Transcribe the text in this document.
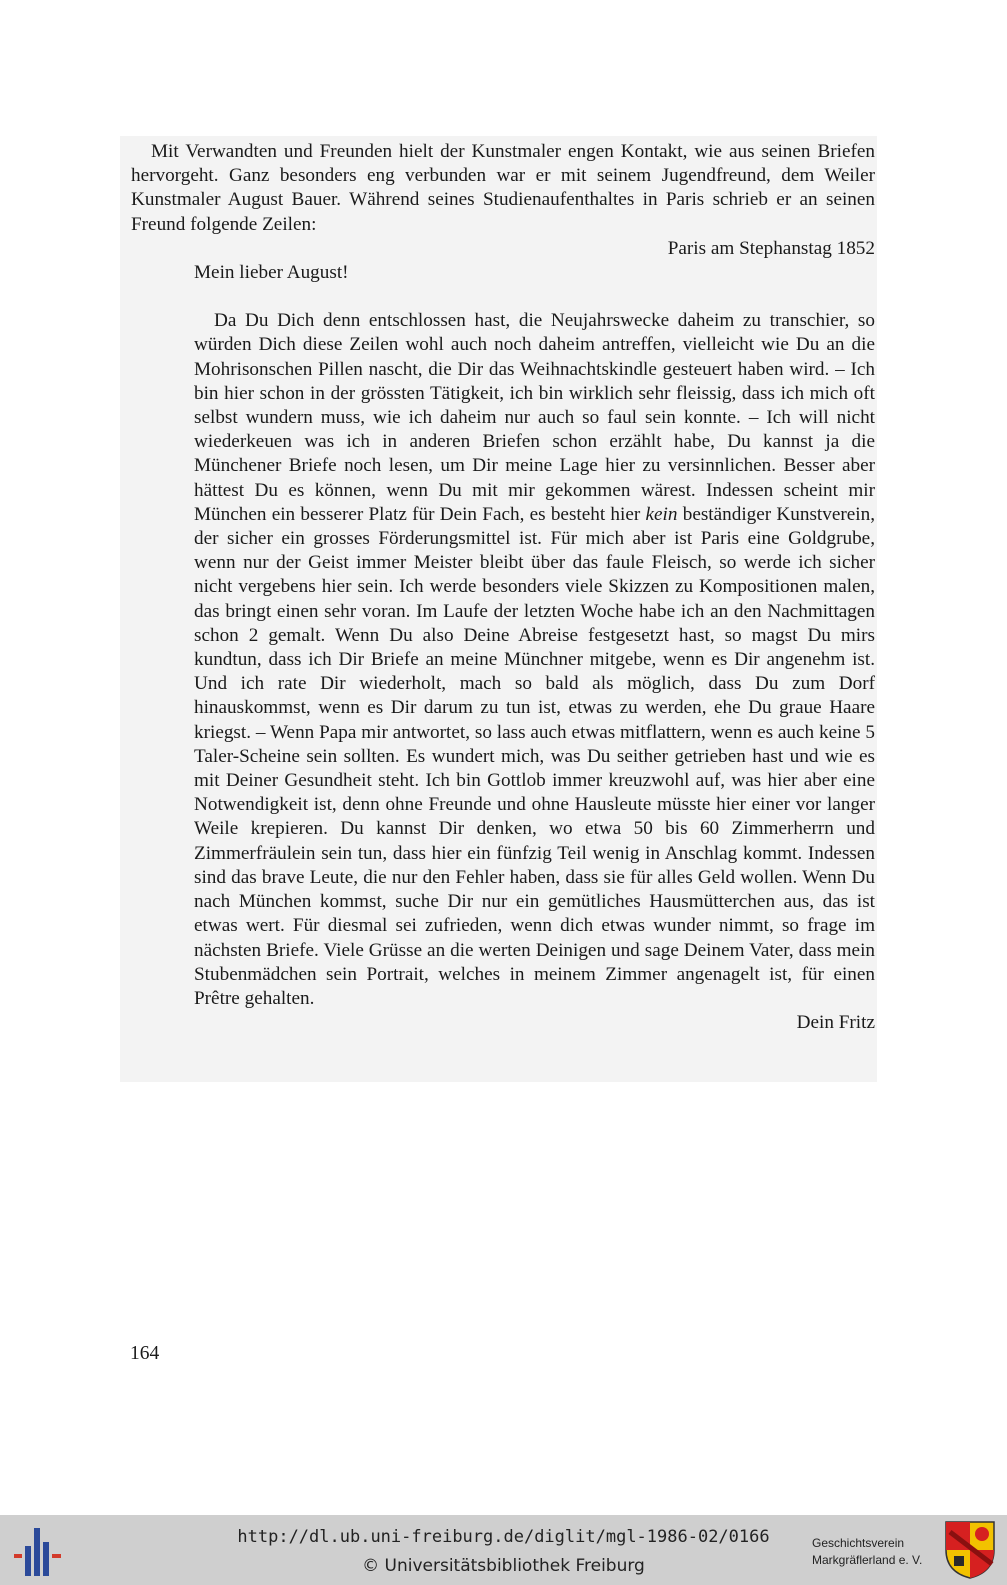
Mit Verwandten und Freunden hielt der Kunstmaler engen Kontakt, wie aus seinen Briefen hervorgeht. Ganz besonders eng verbunden war er mit seinem Jugendfreund, dem Weiler Kunstmaler August Bauer. Während seines Studienaufenthaltes in Paris schrieb er an seinen Freund folgende Zeilen:

Paris am Stephanstag 1852

Mein lieber August!

Da Du Dich denn entschlossen hast, die Neujahrswecke daheim zu transchier, so würden Dich diese Zeilen wohl auch noch daheim antreffen, vielleicht wie Du an die Mohrisonschen Pillen nascht, die Dir das Weihnachtskindle gesteuert haben wird. – Ich bin hier schon in der grössten Tätigkeit, ich bin wirklich sehr fleissig, dass ich mich oft selbst wundern muss, wie ich daheim nur auch so faul sein konnte. – Ich will nicht wiederkeuen was ich in anderen Briefen schon erzählt habe, Du kannst ja die Münchener Briefe noch lesen, um Dir meine Lage hier zu versinnlichen. Besser aber hättest Du es können, wenn Du mit mir gekommen wärest. Indessen scheint mir München ein besserer Platz für Dein Fach, es besteht hier kein beständiger Kunstverein, der sicher ein grosses Förderungsmittel ist. Für mich aber ist Paris eine Goldgrube, wenn nur der Geist immer Meister bleibt über das faule Fleisch, so werde ich sicher nicht vergebens hier sein. Ich werde besonders viele Skizzen zu Kompositionen malen, das bringt einen sehr voran. Im Laufe der letzten Woche habe ich an den Nachmittagen schon 2 gemalt. Wenn Du also Deine Abreise festgesetzt hast, so magst Du mirs kundtun, dass ich Dir Briefe an meine Münchner mitgebe, wenn es Dir angenehm ist. Und ich rate Dir wiederholt, mach so bald als möglich, dass Du zum Dorf hinauskommst, wenn es Dir darum zu tun ist, etwas zu werden, ehe Du graue Haare kriegst. – Wenn Papa mir antwortet, so lass auch etwas mitflattern, wenn es auch keine 5 Taler-Scheine sein sollten. Es wundert mich, was Du seither getrieben hast und wie es mit Deiner Gesundheit steht. Ich bin Gottlob immer kreuzwohl auf, was hier aber eine Notwendigkeit ist, denn ohne Freunde und ohne Hausleute müsste hier einer vor langer Weile krepieren. Du kannst Dir denken, wo etwa 50 bis 60 Zimmerherrn und Zimmerfräulein sein tun, dass hier ein fünfzig Teil wenig in Anschlag kommt. Indessen sind das brave Leute, die nur den Fehler haben, dass sie für alles Geld wollen. Wenn Du nach München kommst, suche Dir nur ein gemütliches Hausmütterchen aus, das ist etwas wert. Für diesmal sei zufrieden, wenn dich etwas wunder nimmt, so frage im nächsten Briefe. Viele Grüsse an die werten Deinigen und sage Deinem Vater, dass mein Stubenmädchen sein Portrait, welches in meinem Zimmer angenagelt ist, für einen Prêtre gehalten.

Dein Fritz

164
http://dl.ub.uni-freiburg.de/diglit/mgl-1986-02/0166
© Universitätsbibliothek Freiburg
Geschichtsverein
Markgräflerland e. V.
